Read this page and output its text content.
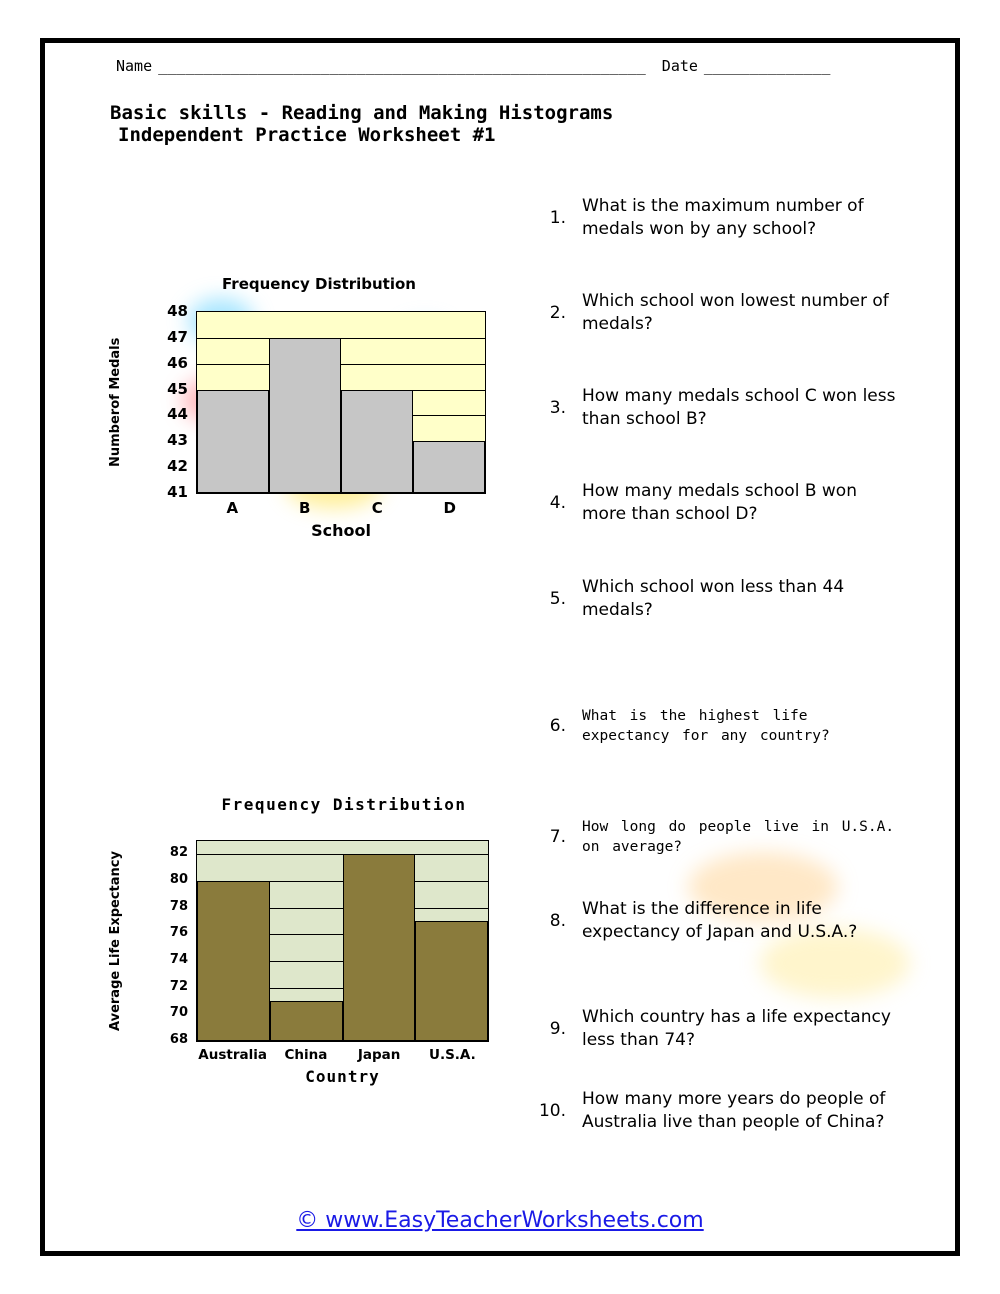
Name ______________________________________________________ Date ______________
Basic skills - Reading and Making Histograms
Independent Practice Worksheet #1
Frequency Distribution
Numberof Medals
41
42
43
44
45
46
47
48
A	B	C	D
School
Frequency Distribution
Average Life Expectancy
68
70
72
74
76
78
80
82
Australia	China	Japan	U.S.A.
Country
1.
What is the maximum number of medals won by any school?
2.
Which school won lowest number of medals?
3.
How many medals school C won less than school B?
4.
How many medals school B won more than school D?
5.
Which school won less than 44 medals?
6. What is the highest life expectancy for any country?
7. How long do people live in U.S.A. on average?
8.
What is the difference in life expectancy of Japan and U.S.A.?
9.
Which country has a life expectancy less than 74?
10.
How many more years do people of Australia live than people of China?
© www.EasyTeacherWorksheets.com
